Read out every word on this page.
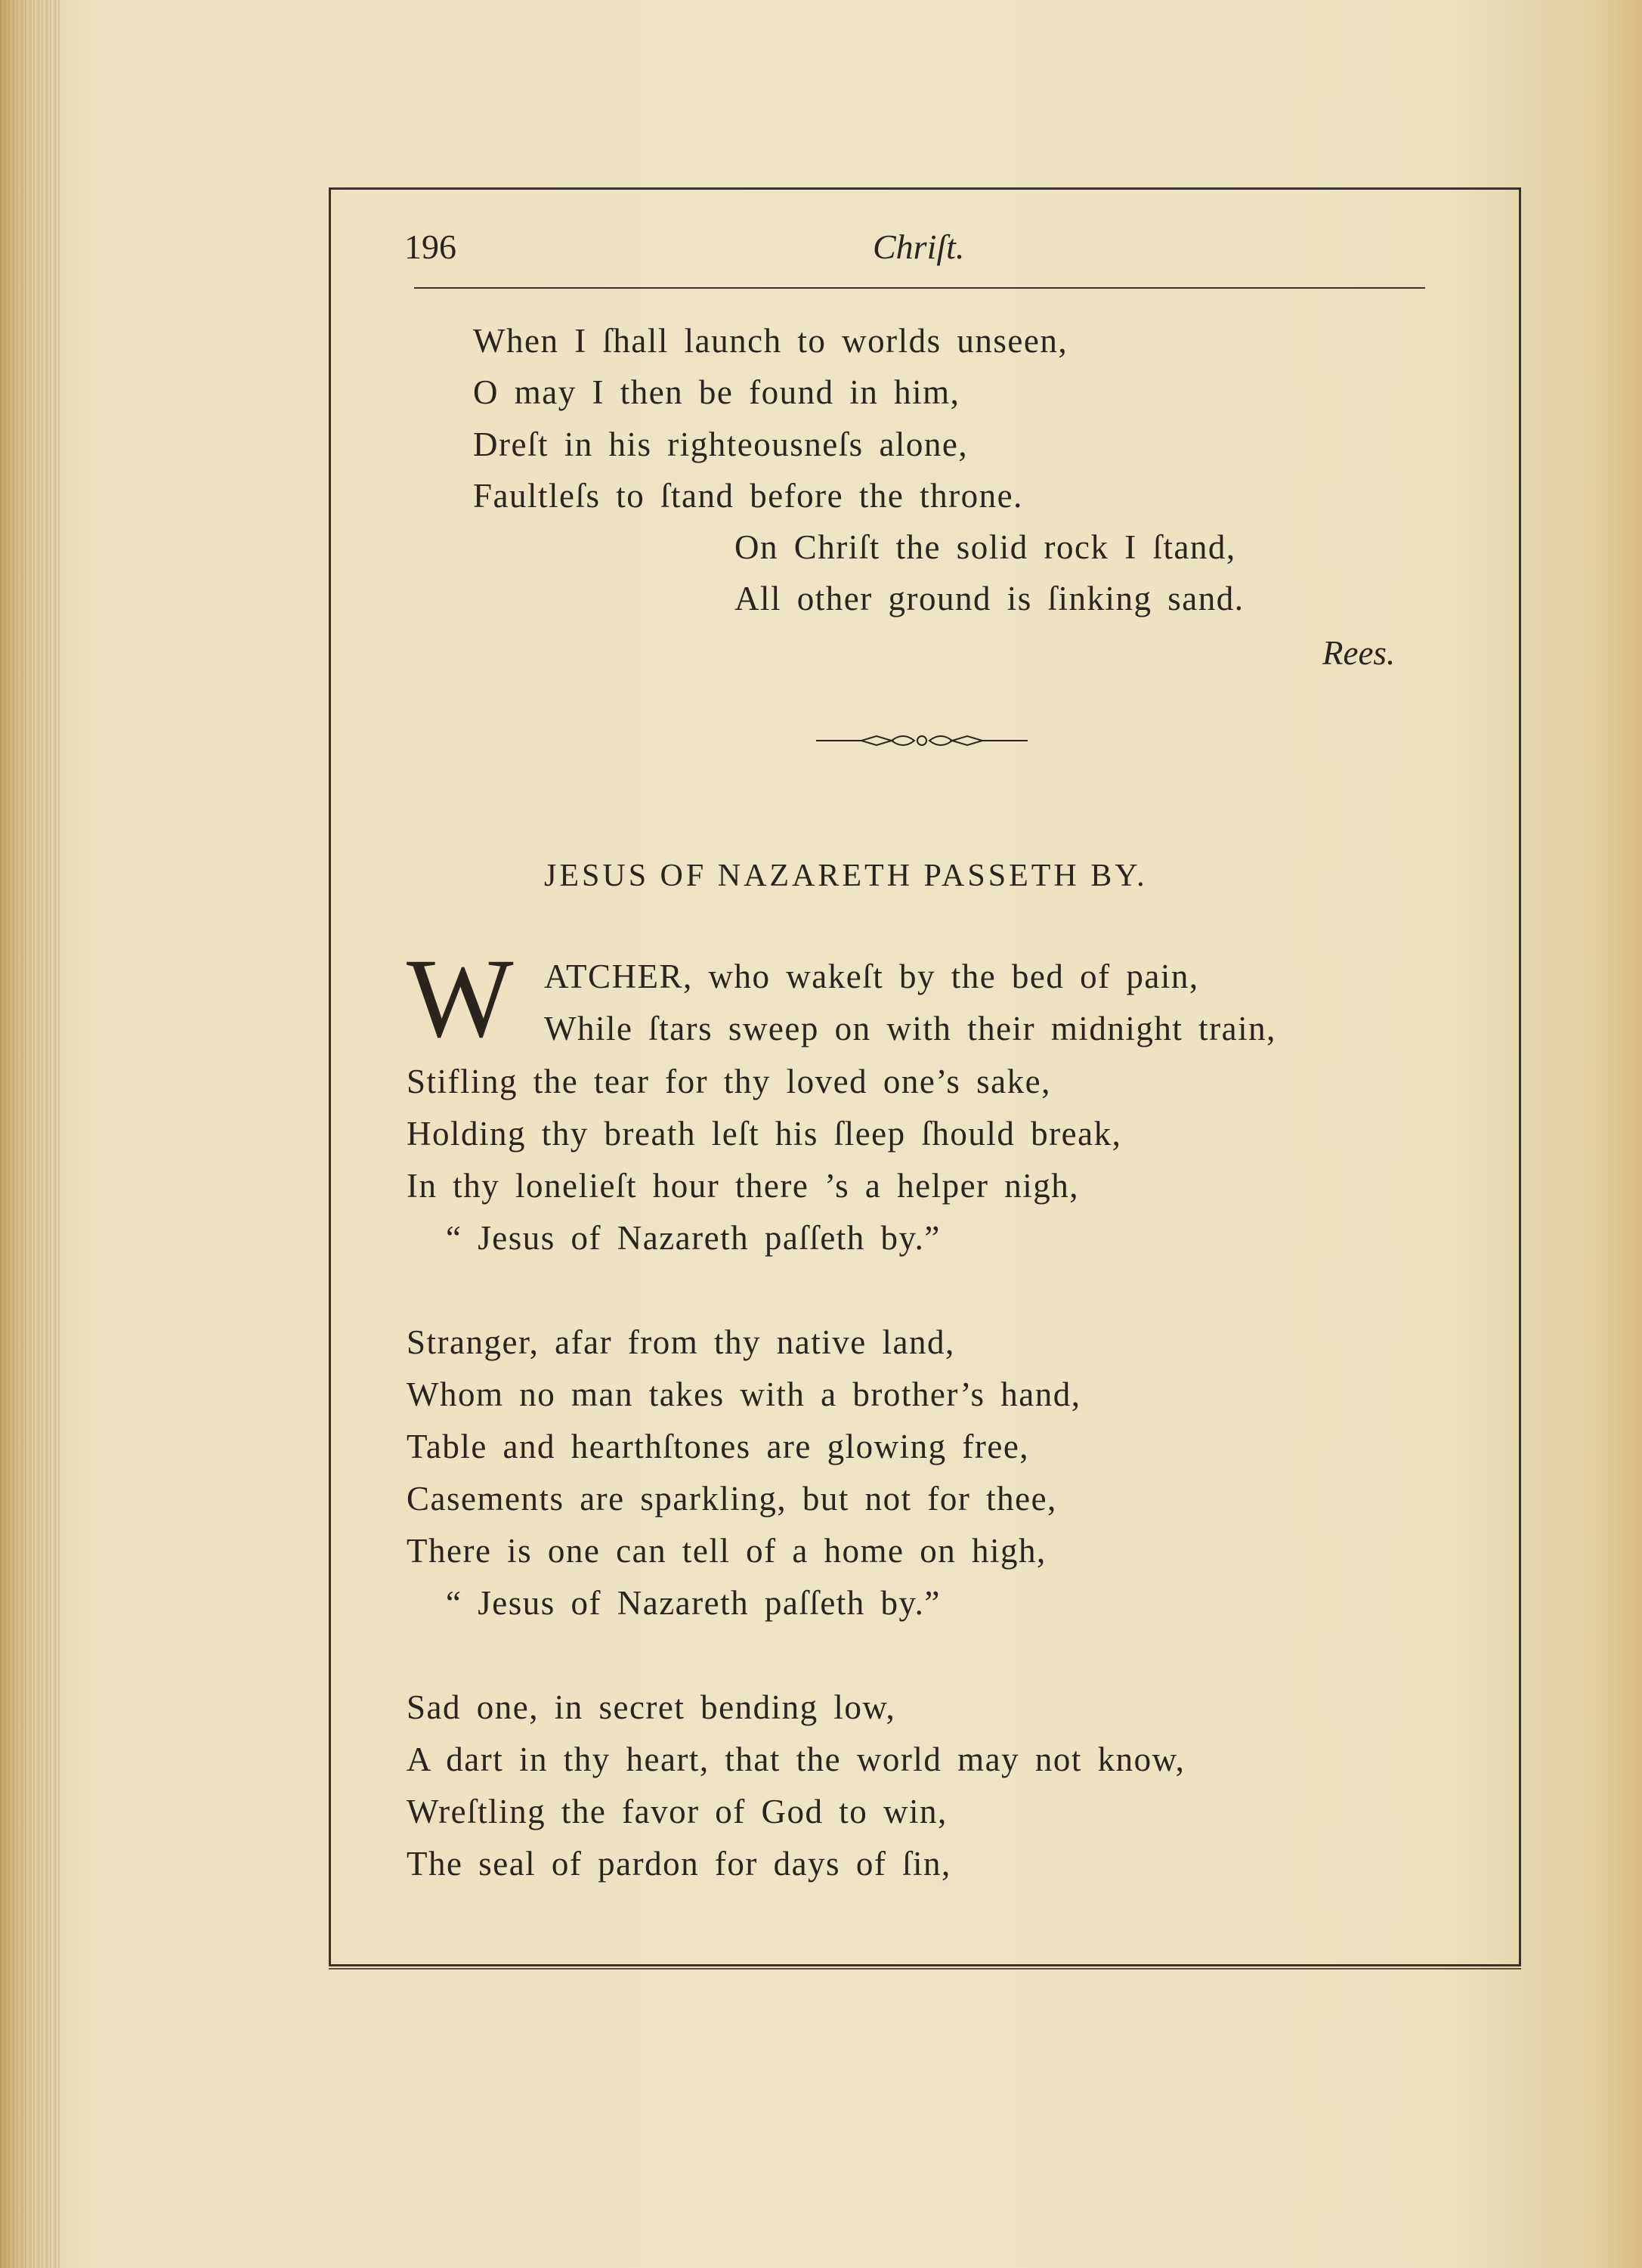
196	Chriſt.
When I ſhall launch to worlds unseen,
O may I then be found in him,
Dreſt in his righteousneſs alone,
Faultleſs to ſtand before the throne.
On Chriſt the solid rock I ſtand,
All other ground is ſinking sand.
Rees.
JESUS OF NAZARETH PASSETH BY.
W ATCHER, who wakeſt by the bed of pain,
While ſtars sweep on with their midnight train,
Stifling the tear for thy loved one’s sake,
Holding thy breath leſt his ſleep ſhould break,
In thy lonelieſt hour there ’s a helper nigh,
“ Jesus of Nazareth paſſeth by.”
Stranger, afar from thy native land,
Whom no man takes with a brother’s hand,
Table and hearthſtones are glowing free,
Casements are sparkling, but not for thee,
There is one can tell of a home on high,
“ Jesus of Nazareth paſſeth by.”
Sad one, in secret bending low,
A dart in thy heart, that the world may not know,
Wreſtling the favor of God to win,
The seal of pardon for days of ſin,
